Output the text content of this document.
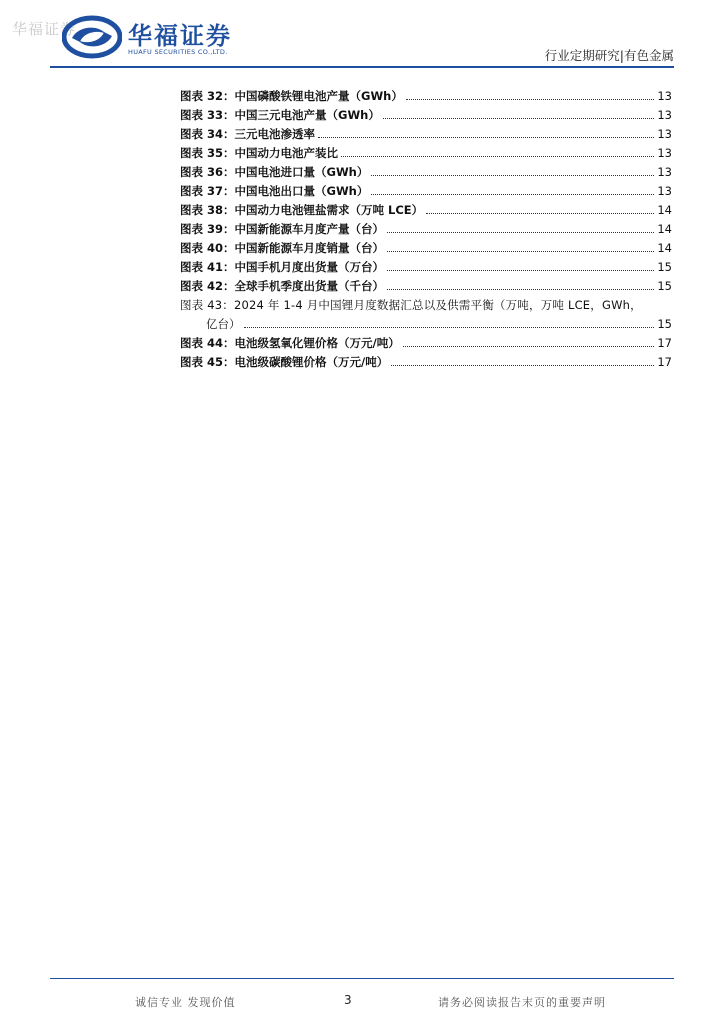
华福证券 华福证券
HUAFU SECURITIES CO.,LTD.	行业定期研究|有色金属
图表 32：中国磷酸铁锂电池产量（GWh）	13
图表 33：中国三元电池产量（GWh）	13
图表 34：三元电池渗透率	13
图表 35：中国动力电池产装比	13
图表 36：中国电池进口量（GWh）	13
图表 37：中国电池出口量（GWh）	13
图表 38：中国动力电池锂盐需求（万吨 LCE）	14
图表 39：中国新能源车月度产量（台）	14
图表 40：中国新能源车月度销量（台）	14
图表 41：中国手机月度出货量（万台）	15
图表 42：全球手机季度出货量（千台）	15
图表 43：2024 年 1-4 月中国锂月度数据汇总以及供需平衡（万吨，万吨 LCE，GWh，
亿台）	15
图表 44：电池级氢氧化锂价格（万元/吨）	17
图表 45：电池级碳酸锂价格（万元/吨）	17
诚信专业 发现价值	3	请务必阅读报告末页的重要声明
